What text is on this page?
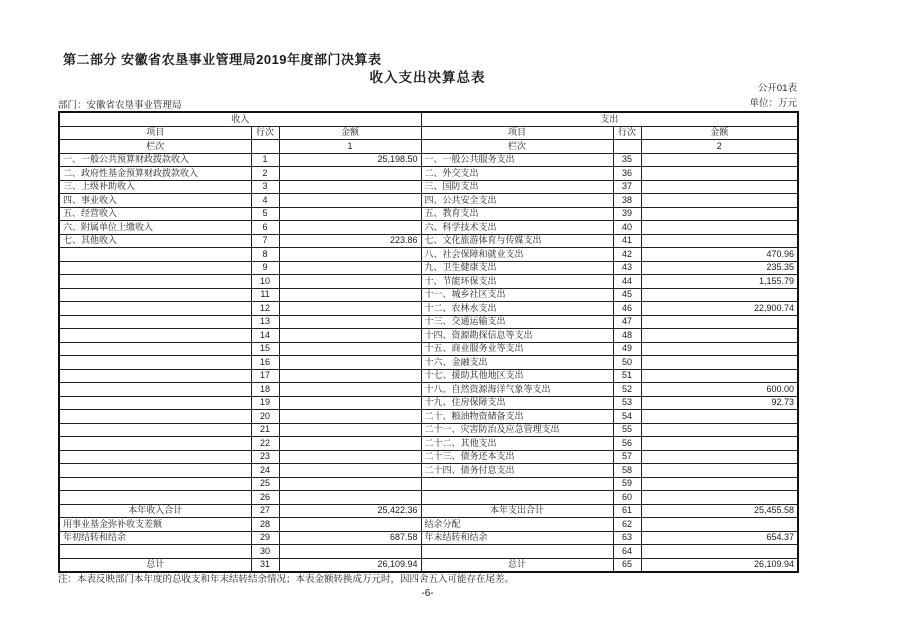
第二部分 安徽省农垦事业管理局2019年度部门决算表
收入支出决算总表
公开01表
部门：安徽省农垦事业管理局	单位：万元
收入			支出		
项目	行次	金额	项目	行次	金额
栏次		1	栏次		2
一、一般公共预算财政拨款收入	1	25,198.50	一、一般公共服务支出	35	
二、政府性基金预算财政拨款收入	2		二、外交支出	36	
三、上级补助收入	3		三、国防支出	37	
四、事业收入	4		四、公共安全支出	38	
五、经营收入	5		五、教育支出	39	
六、附属单位上缴收入	6		六、科学技术支出	40	
七、其他收入	7	223.86	七、文化旅游体育与传媒支出	41	
	8		八、社会保障和就业支出	42	470.96
	9		九、卫生健康支出	43	235.35
	10		十、节能环保支出	44	1,155.79
	11		十一、城乡社区支出	45	
	12		十二、农林水支出	46	22,900.74
	13		十三、交通运输支出	47	
	14		十四、资源勘探信息等支出	48	
	15		十五、商业服务业等支出	49	
	16		十六、金融支出	50	
	17		十七、援助其他地区支出	51	
	18		十八、自然资源海洋气象等支出	52	600.00
	19		十九、住房保障支出	53	92.73
	20		二十、粮油物资储备支出	54	
	21		二十一、灾害防治及应急管理支出	55	
	22		二十二、其他支出	56	
	23		二十三、债务还本支出	57	
	24		二十四、债务付息支出	58	
	25			59	
	26			60	
本年收入合计	27	25,422.36	本年支出合计	61	25,455.58
用事业基金弥补收支差额	28		结余分配	62	
年初结转和结余	29	687.58	年末结转和结余	63	654.37
	30			64	
总计	31	26,109.94	总计	65	26,109.94
注：本表反映部门本年度的总收支和年末结转结余情况；本表金额转换成万元时，因四舍五入可能存在尾差。
-6-
